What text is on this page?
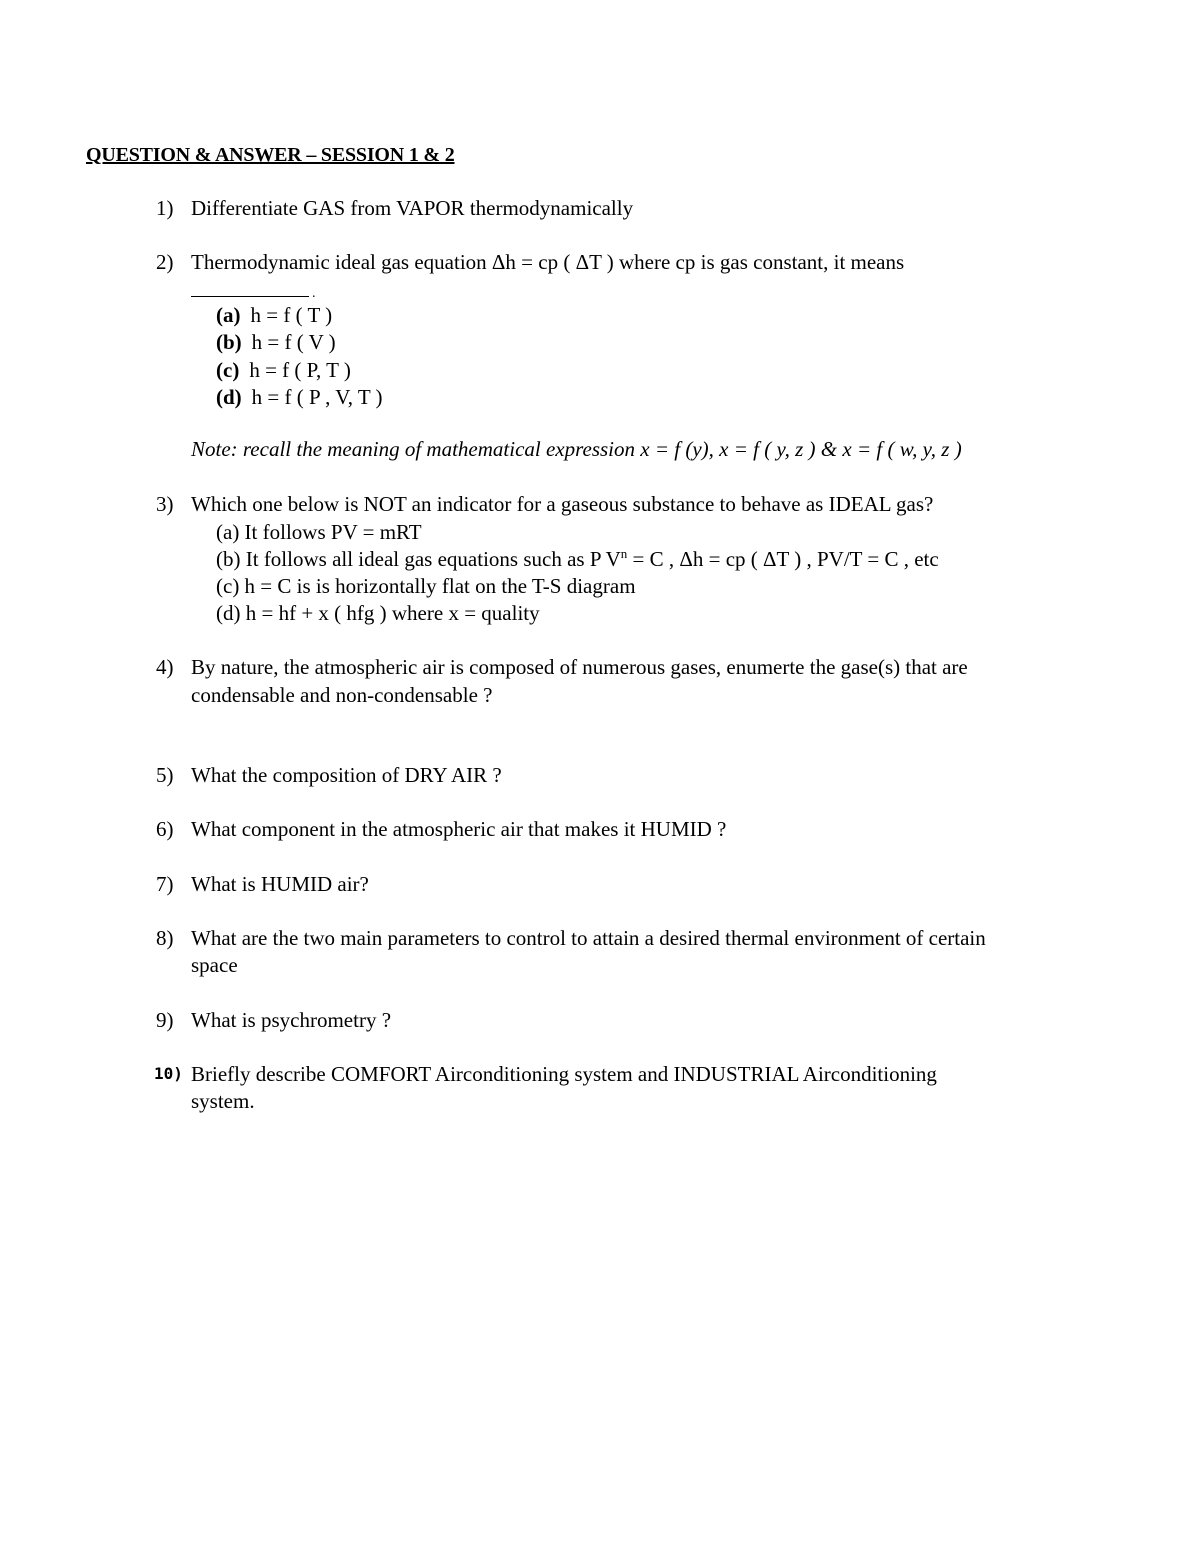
QUESTION & ANSWER – SESSION 1 & 2
1) Differentiate GAS from VAPOR thermodynamically
2) Thermodynamic ideal gas equation Δh = cp ( ΔT ) where cp is gas constant, it means
.
(a) h = f ( T )
(b) h = f ( V )
(c) h = f ( P, T )
(d) h = f ( P , V, T )
Note: recall the meaning of mathematical expression x = f (y), x = f ( y, z ) & x = f ( w, y, z )
3) Which one below is NOT an indicator for a gaseous substance to behave as IDEAL gas?
(a) It follows PV = mRT
(b) It follows all ideal gas equations such as P $V^n = C$ , Δh = cp ( ΔT ) , PV/T = C , etc
(c) h = C is is horizontally flat on the T-S diagram
(d) h = hf + x ( hfg ) where x = quality
4) By nature, the atmospheric air is composed of numerous gases, enumerte the gase(s) that are
condensable and non-condensable ?
5) What the composition of DRY AIR ?
6) What component in the atmospheric air that makes it HUMID ?
7) What is HUMID air?
8) What are the two main parameters to control to attain a desired thermal environment of certain
space
9) What is psychrometry ?
10) Briefly describe COMFORT Airconditioning system and INDUSTRIAL Airconditioning
system.
